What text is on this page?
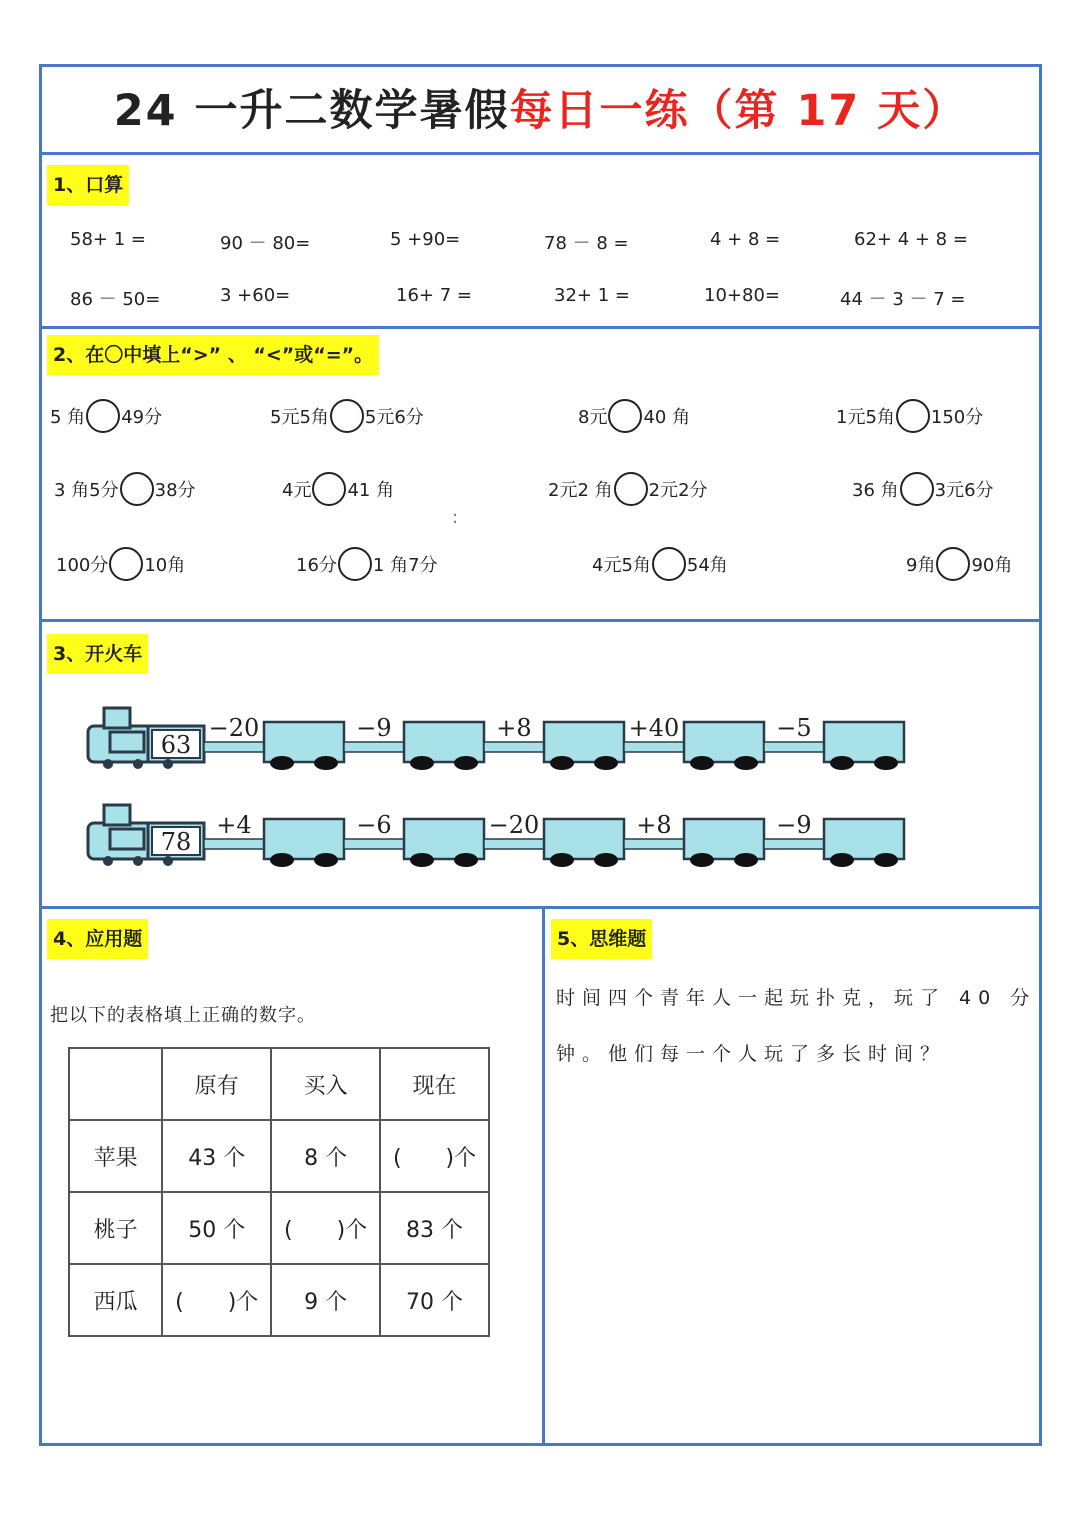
24 一升二数学暑假每日一练（第 17 天）
1、口算
58+ 1 =	90 － 80=	5 +90=	78 － 8 =	4 + 8 =	62+ 4 + 8 =
86 － 50=	3 +60=	16+ 7 =	32+ 1 =	10+80=	44 － 3 － 7 =
2、在〇中填上“>” 、 “<”或“=”。
5 角 49分	5元5角 5元6分	8元 40 角	1元5角 150分
3 角5分 38分	4元 41 角	2元2 角 2元2分	36 角 3元6分
:
100分 10角	16分 1 角7分	4元5角 54角	9角 90角
3、开火车
63
−20	−9	+8	+40	−5
78
+4	−6	−20	+8	−9
4、应用题
把以下的表格填上正确的数字。
	原有	买入	现在
苹果	43 个	8 个	(　　)个
桃子	50 个	(　　)个	83 个
西瓜	(　　)个	9 个	70 个
5、思维题
时间四个青年人一起玩扑克，玩了 40 分
钟。他们每一个人玩了多长时间？
